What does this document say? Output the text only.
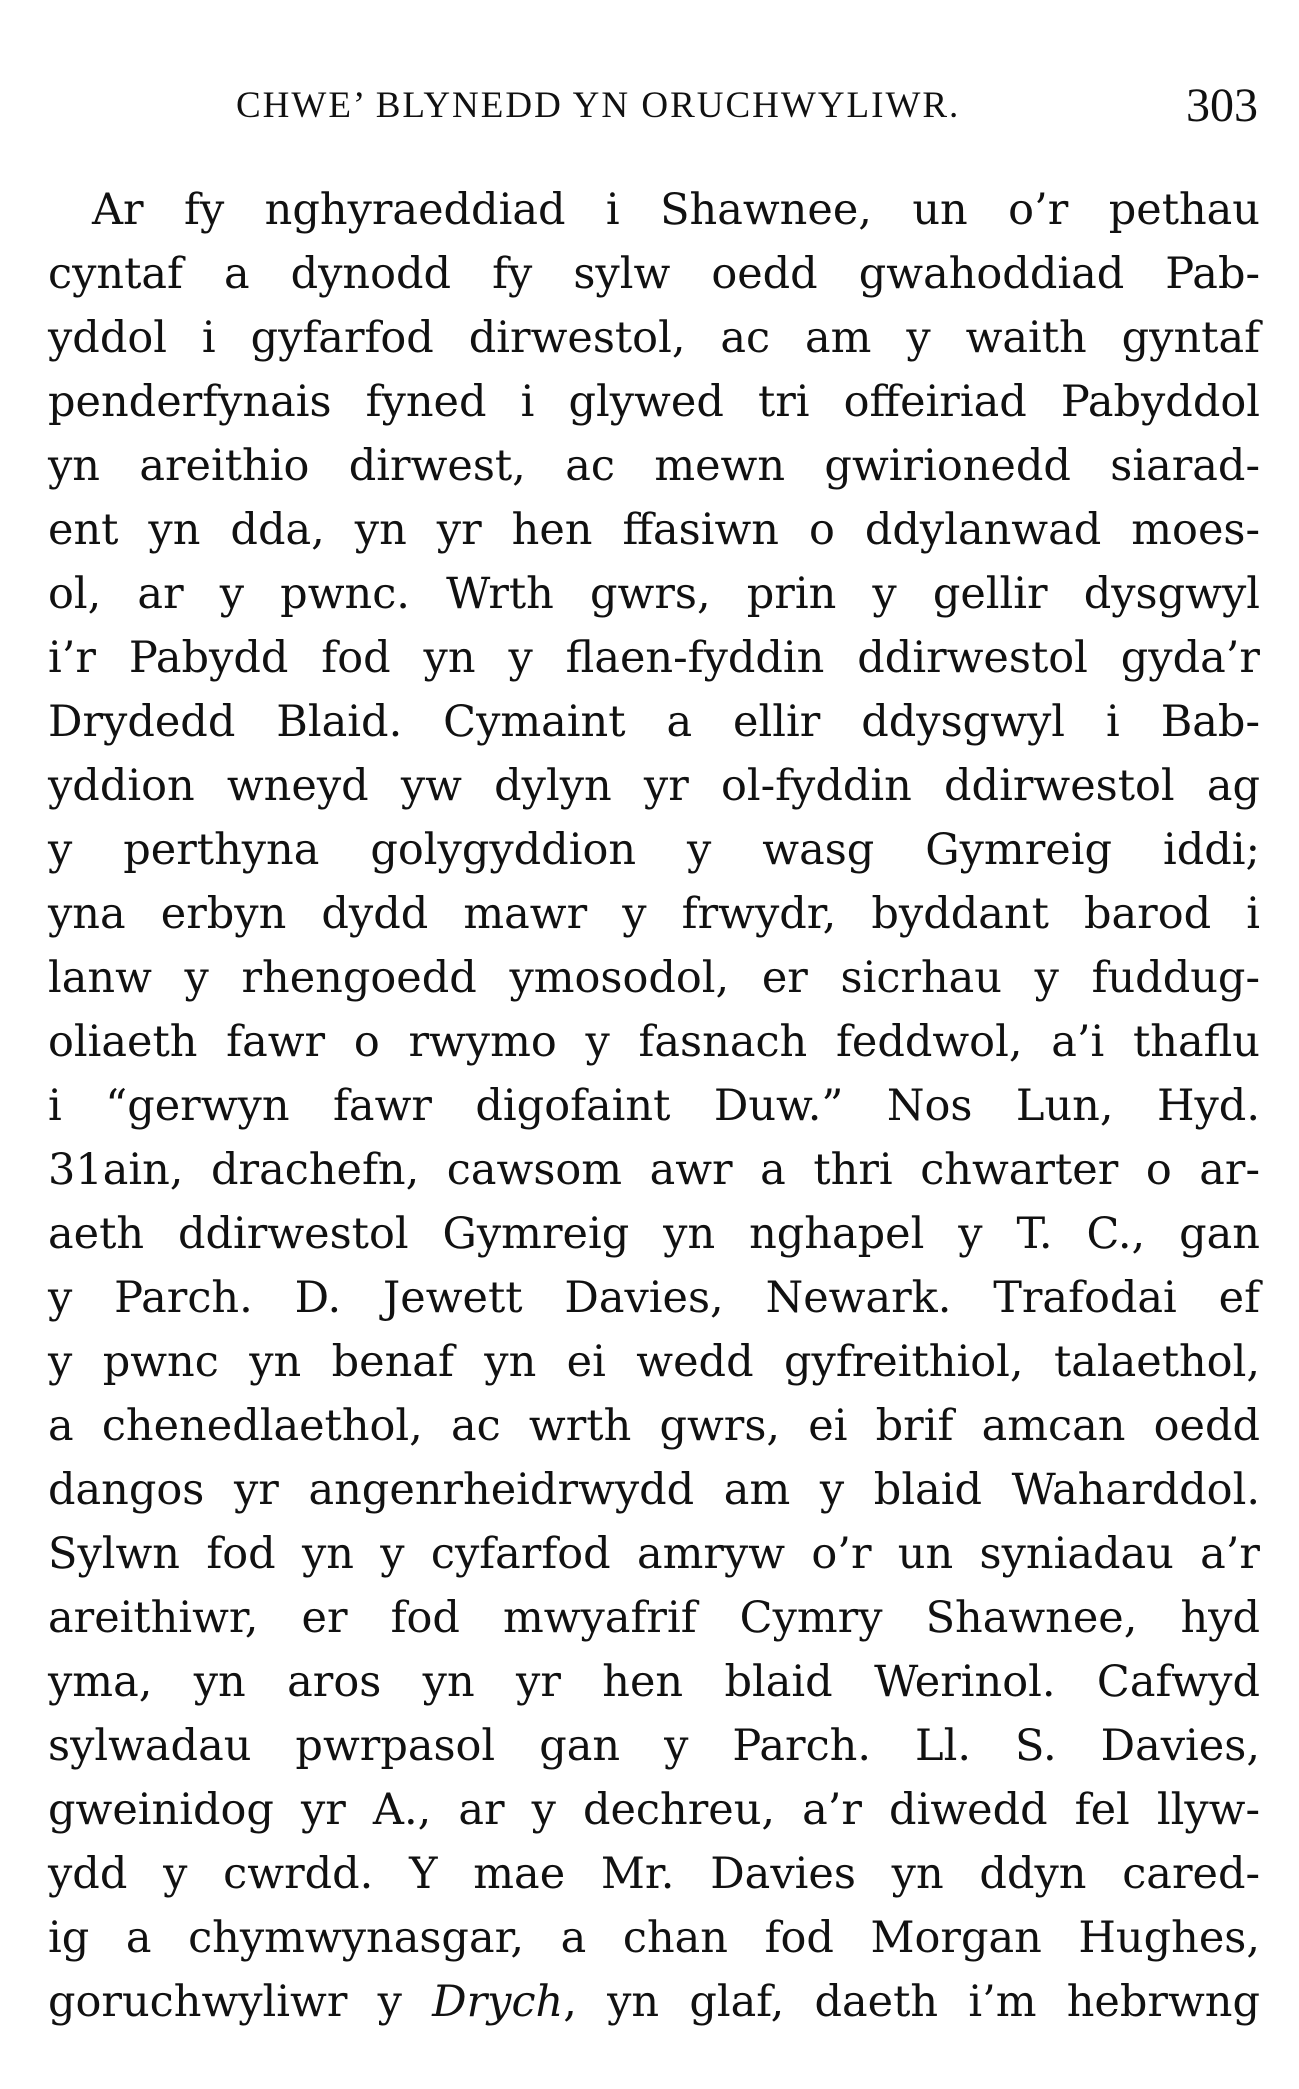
CHWE’ BLYNEDD YN ORUCHWYLIWR.	303
Ar fy nghyraeddiad i Shawnee, un o’r pethau
cyntaf a dynodd fy sylw oedd gwahoddiad Pab-
yddol i gyfarfod dirwestol, ac am y waith gyntaf
penderfynais fyned i glywed tri offeiriad Pabyddol
yn areithio dirwest, ac mewn gwirionedd siarad-
ent yn dda, yn yr hen ffasiwn o ddylanwad moes-
ol, ar y pwnc. Wrth gwrs, prin y gellir dysgwyl
i’r Pabydd fod yn y flaen-fyddin ddirwestol gyda’r
Drydedd Blaid. Cymaint a ellir ddysgwyl i Bab-
yddion wneyd yw dylyn yr ol-fyddin ddirwestol ag
y perthyna golygyddion y wasg Gymreig iddi;
yna erbyn dydd mawr y frwydr, byddant barod i
lanw y rhengoedd ymosodol, er sicrhau y fuddug-
oliaeth fawr o rwymo y fasnach feddwol, a’i thaflu
i “gerwyn fawr digofaint Duw.” Nos Lun, Hyd.
31ain, drachefn, cawsom awr a thri chwarter o ar-
aeth ddirwestol Gymreig yn nghapel y T. C., gan
y Parch. D. Jewett Davies, Newark. Trafodai ef
y pwnc yn benaf yn ei wedd gyfreithiol, talaethol,
a chenedlaethol, ac wrth gwrs, ei brif amcan oedd
dangos yr angenrheidrwydd am y blaid Waharddol.
Sylwn fod yn y cyfarfod amryw o’r un syniadau a’r
areithiwr, er fod mwyafrif Cymry Shawnee, hyd
yma, yn aros yn yr hen blaid Werinol. Cafwyd
sylwadau pwrpasol gan y Parch. Ll. S. Davies,
gweinidog yr A., ar y dechreu, a’r diwedd fel llyw-
ydd y cwrdd. Y mae Mr. Davies yn ddyn cared-
ig a chymwynasgar, a chan fod Morgan Hughes,
goruchwyliwr y Drych, yn glaf, daeth i’m hebrwng
